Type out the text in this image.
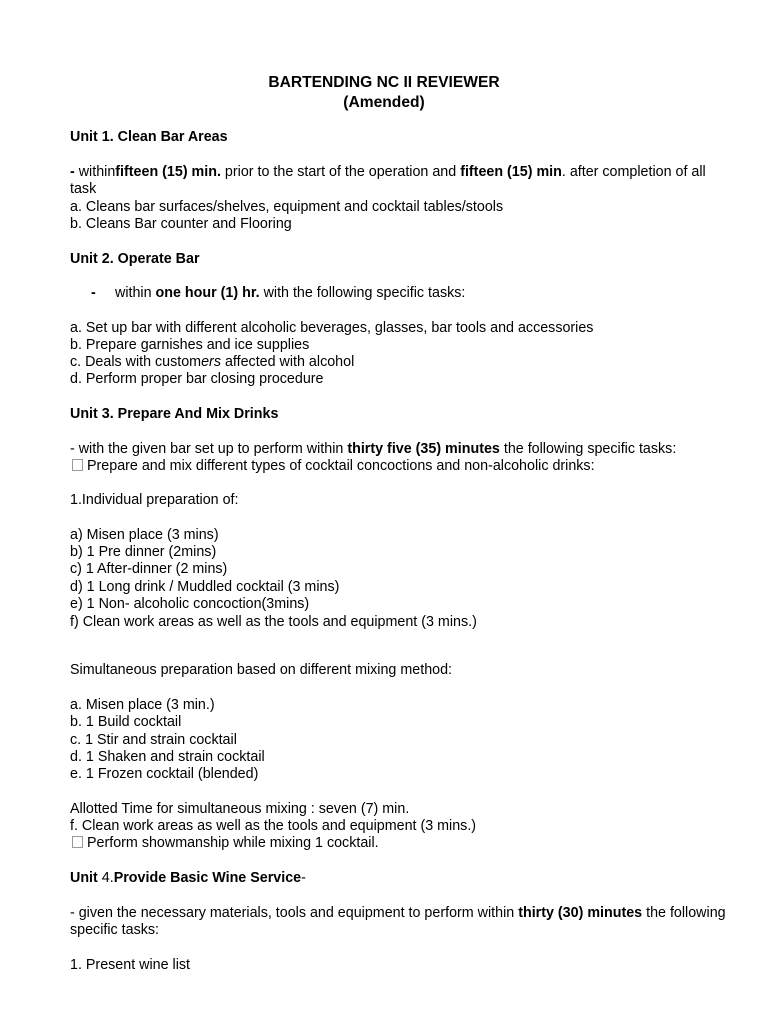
BARTENDING NC II REVIEWER
(Amended)
Unit 1. Clean Bar Areas
- withinfifteen (15) min. prior to the start of the operation and fifteen (15) min. after completion of all task
a. Cleans bar surfaces/shelves, equipment and cocktail tables/stools
b. Cleans Bar counter and Flooring
Unit 2. Operate Bar
- within one hour (1) hr. with the following specific tasks:
a. Set up bar with different alcoholic beverages, glasses, bar tools and accessories
b. Prepare garnishes and ice supplies
c. Deals with customers affected with alcohol
d. Perform proper bar closing procedure
Unit 3. Prepare And Mix Drinks
- with the given bar set up to perform within thirty five (35) minutes the following specific tasks:
Prepare and mix different types of cocktail concoctions and non-alcoholic drinks:
1.Individual preparation of:
a) Misen place (3 mins)
b) 1 Pre dinner (2mins)
c) 1 After-dinner (2 mins)
d) 1 Long drink / Muddled cocktail (3 mins)
e) 1 Non- alcoholic concoction(3mins)
f) Clean work areas as well as the tools and equipment (3 mins.)
Simultaneous preparation based on different mixing method:
a. Misen place (3 min.)
b. 1 Build cocktail
c. 1 Stir and strain cocktail
d. 1 Shaken and strain cocktail
e. 1 Frozen cocktail (blended)
Allotted Time for simultaneous mixing : seven (7) min.
f. Clean work areas as well as the tools and equipment (3 mins.)
Perform showmanship while mixing 1 cocktail.
Unit 4.Provide Basic Wine Service-
- given the necessary materials, tools and equipment to perform within thirty (30) minutes the following specific tasks:
1. Present wine list
